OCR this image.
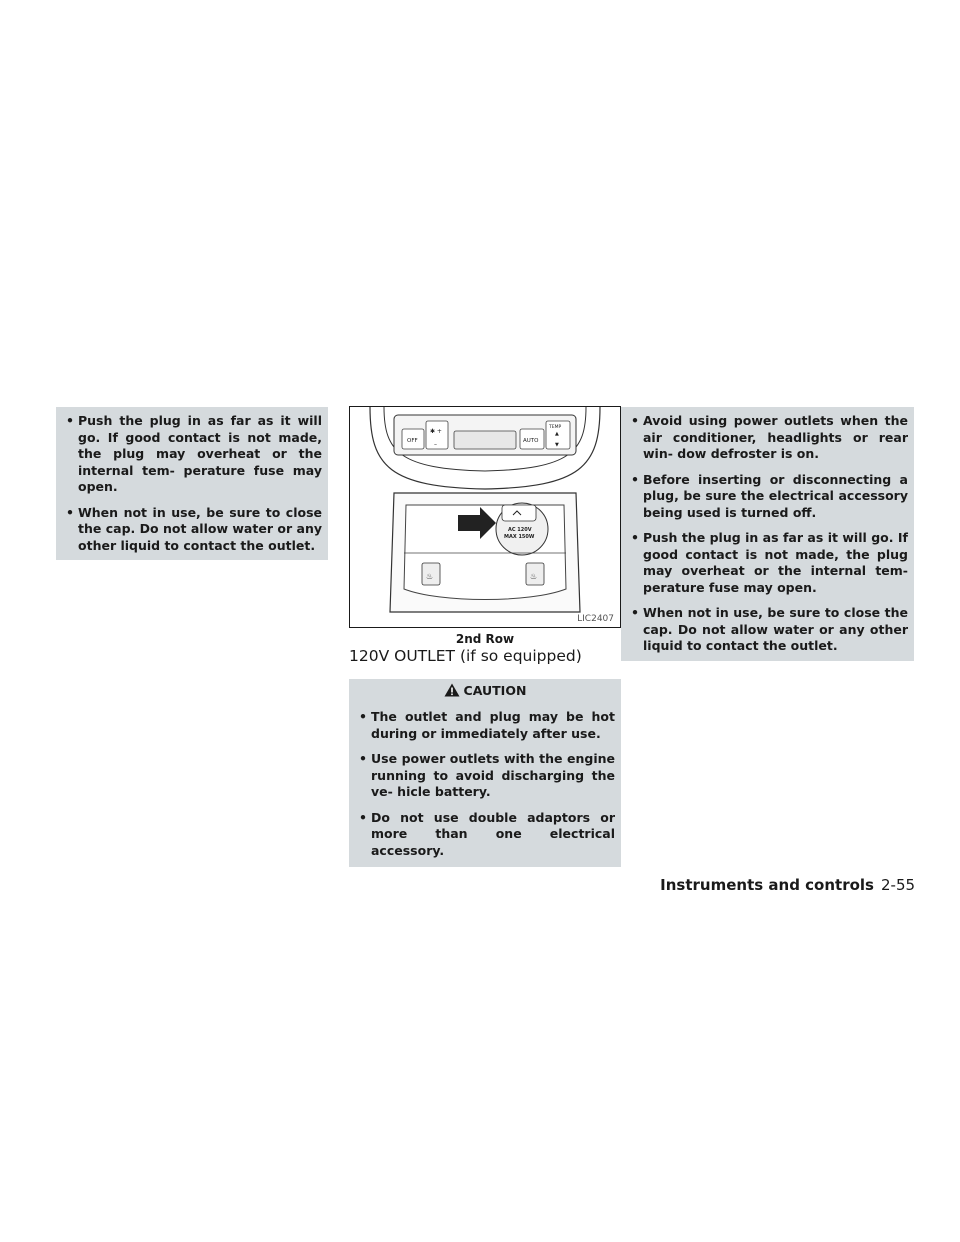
• Push the plug in as far as it will go. If good contact is not made, the plug may overheat or the internal tem- perature fuse may open.
• When not in use, be sure to close the cap. Do not allow water or any other liquid to contact the outlet.
OFF
✱ +
–	AUTO
TEMP
▲
▼
AC 120V
MAX 150W
♨	♨
LIC2407
2nd Row
120V OUTLET (if so equipped)
CAUTION
• The outlet and plug may be hot during or immediately after use.
• Use power outlets with the engine running to avoid discharging the ve- hicle battery.
• Do not use double adaptors or more than one electrical accessory.
• Avoid using power outlets when the air conditioner, headlights or rear win- dow defroster is on.
• Before inserting or disconnecting a plug, be sure the electrical accessory being used is turned off.
• Push the plug in as far as it will go. If good contact is not made, the plug may overheat or the internal tem- perature fuse may open.
• When not in use, be sure to close the cap. Do not allow water or any other liquid to contact the outlet.
Instruments and controls 2-55
